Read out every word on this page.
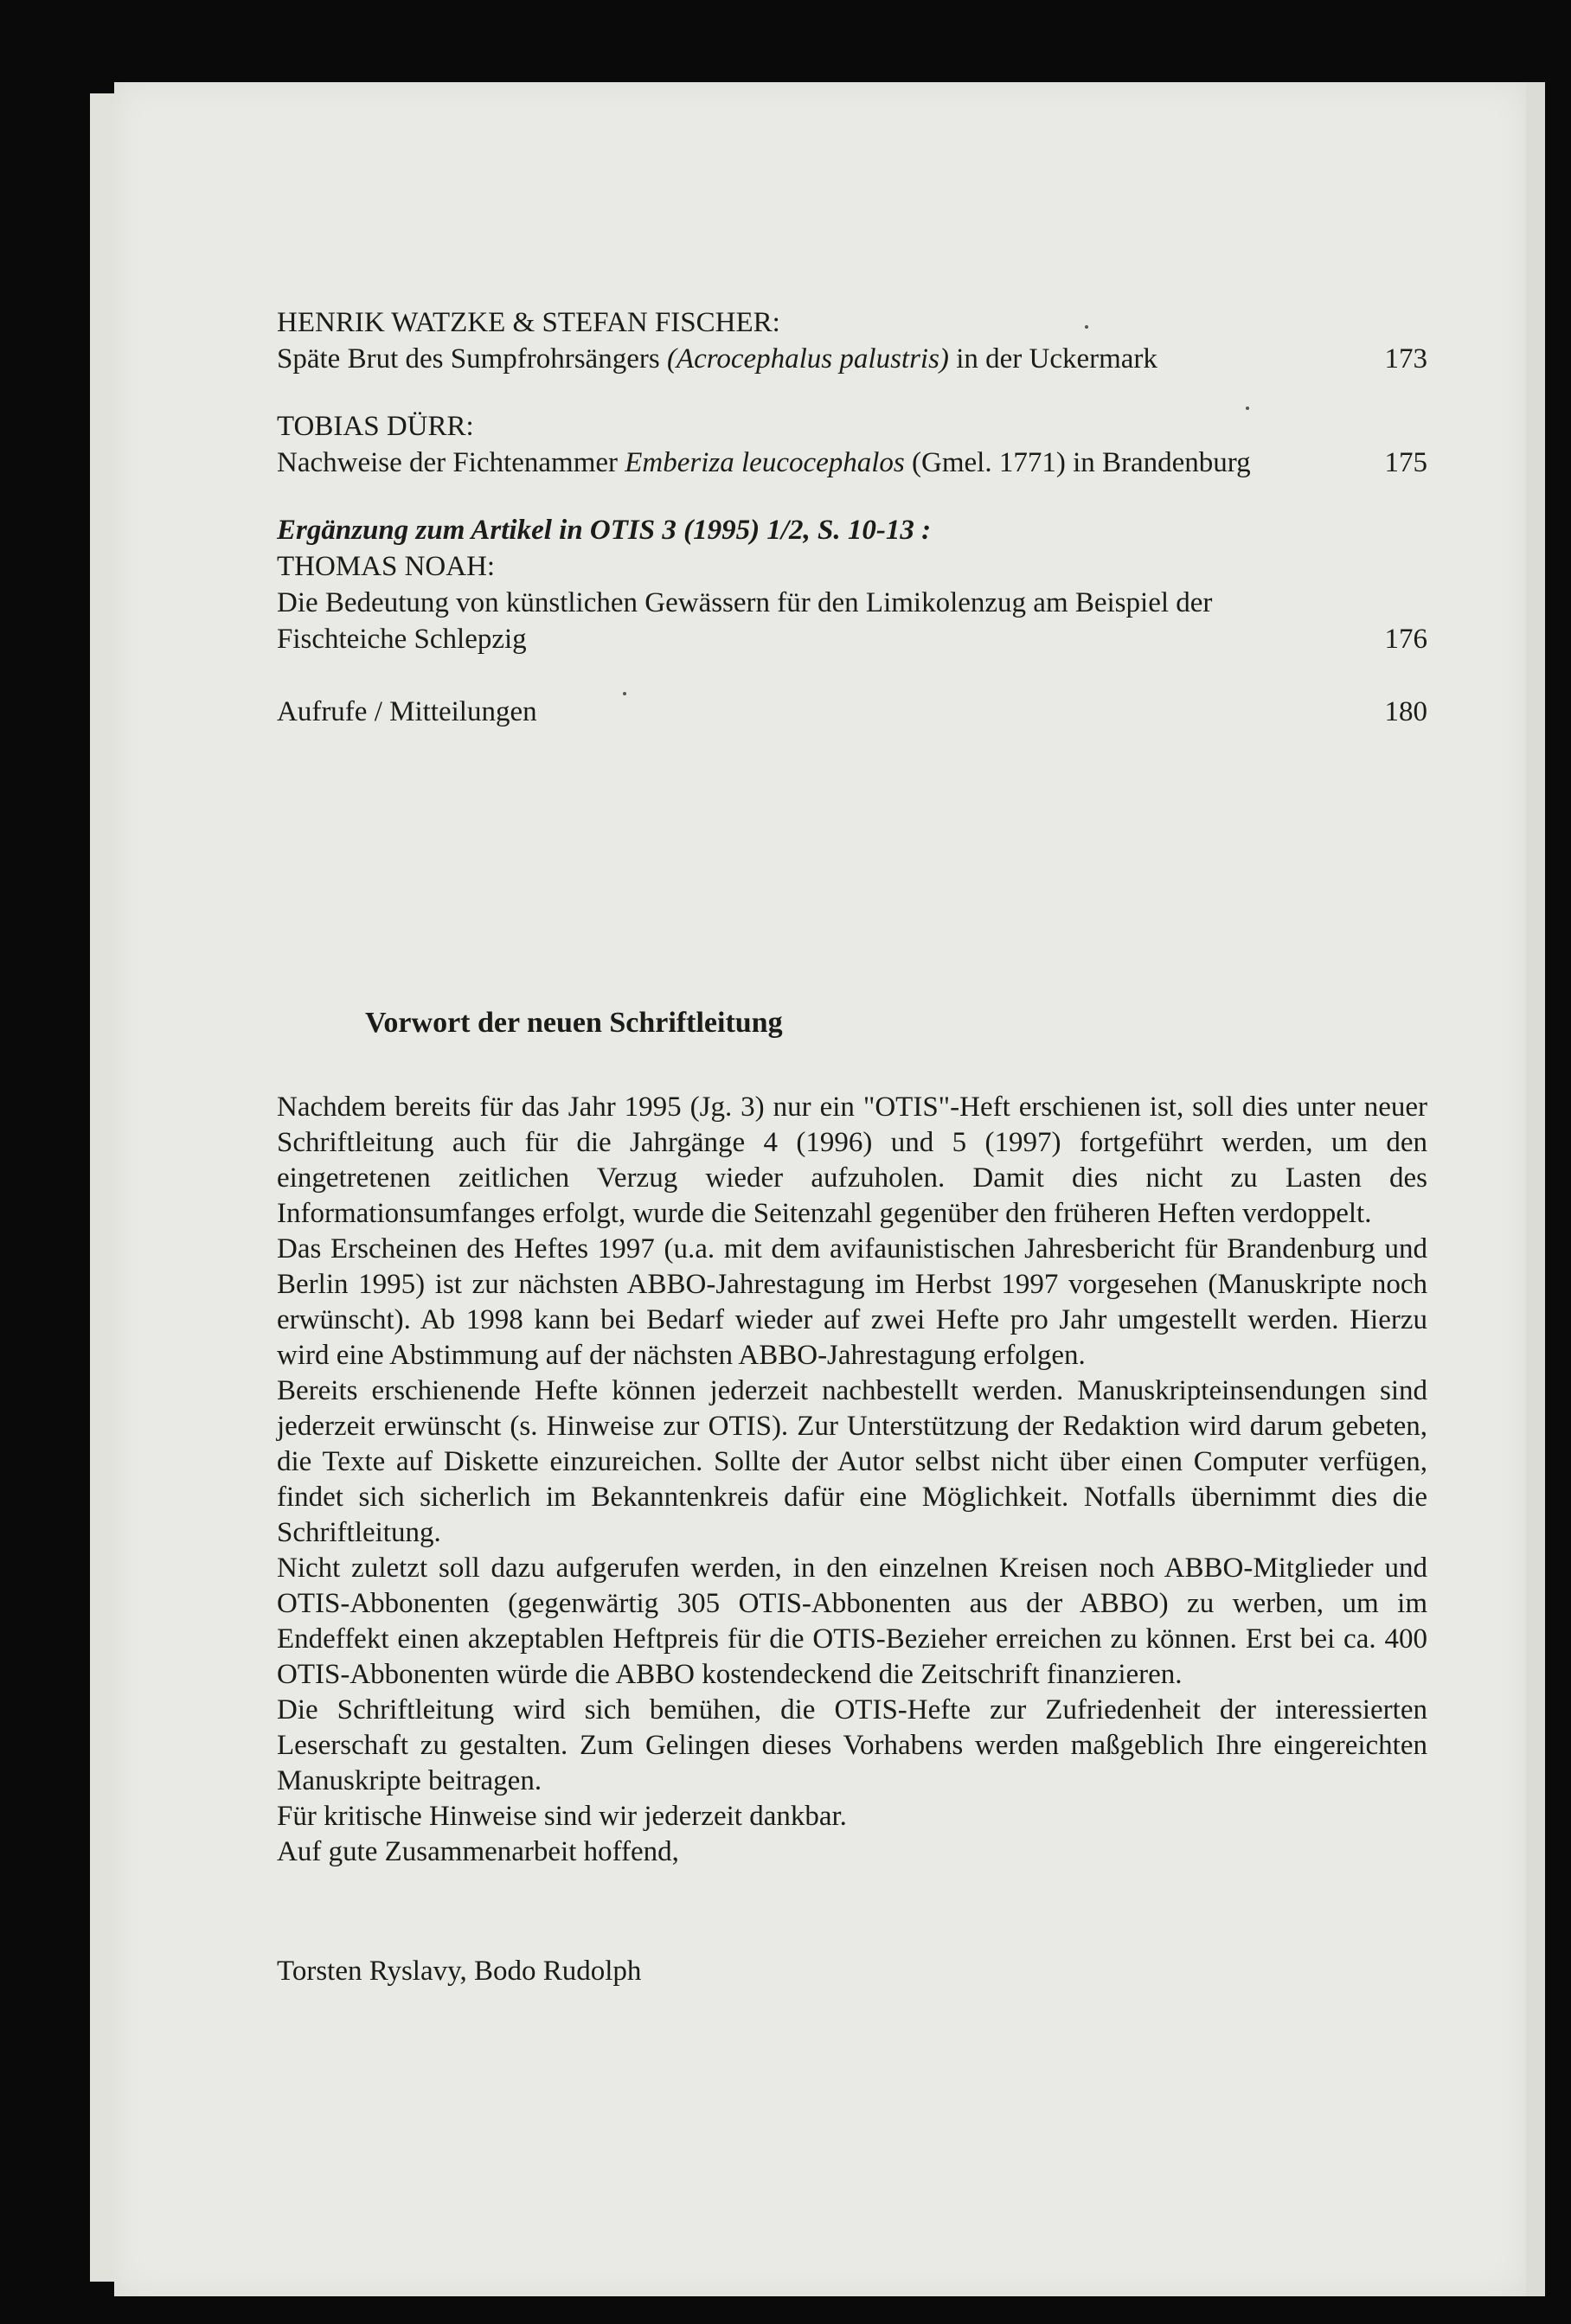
HENRIK WATZKE & STEFAN FISCHER:
Späte Brut des Sumpfrohrsängers (Acrocephalus palustris) in der Uckermark	173
TOBIAS DÜRR:
Nachweise der Fichtenammer Emberiza leucocephalos (Gmel. 1771) in Brandenburg	175
Ergänzung zum Artikel in OTIS 3 (1995) 1/2, S. 10-13 :
THOMAS NOAH:
Die Bedeutung von künstlichen Gewässern für den Limikolenzug am Beispiel der
Fischteiche Schlepzig	176
Aufrufe / Mitteilungen	180
Vorwort der neuen Schriftleitung

Nachdem bereits für das Jahr 1995 (Jg. 3) nur ein "OTIS"-Heft erschienen ist, soll dies unter neuer Schriftleitung auch für die Jahrgänge 4 (1996) und 5 (1997) fortgeführt werden, um den eingetretenen zeitlichen Verzug wieder aufzuholen. Damit dies nicht zu Lasten des Informationsumfanges erfolgt, wurde die Seitenzahl gegenüber den früheren Heften verdoppelt.

Das Erscheinen des Heftes 1997 (u.a. mit dem avifaunistischen Jahresbericht für Brandenburg und Berlin 1995) ist zur nächsten ABBO-Jahrestagung im Herbst 1997 vorgesehen (Manuskripte noch erwünscht). Ab 1998 kann bei Bedarf wieder auf zwei Hefte pro Jahr umgestellt werden. Hierzu wird eine Abstimmung auf der nächsten ABBO-Jahrestagung erfolgen.

Bereits erschienende Hefte können jederzeit nachbestellt werden. Manuskripteinsendungen sind jederzeit erwünscht (s. Hinweise zur OTIS). Zur Unterstützung der Redaktion wird darum gebeten, die Texte auf Diskette einzureichen. Sollte der Autor selbst nicht über einen Computer verfügen, findet sich sicherlich im Bekanntenkreis dafür eine Möglichkeit. Notfalls übernimmt dies die Schriftleitung.

Nicht zuletzt soll dazu aufgerufen werden, in den einzelnen Kreisen noch ABBO-Mitglieder und OTIS-Abbonenten (gegenwärtig 305 OTIS-Abbonenten aus der ABBO) zu werben, um im Endeffekt einen akzeptablen Heftpreis für die OTIS-Bezieher erreichen zu können. Erst bei ca. 400 OTIS-Abbonenten würde die ABBO kostendeckend die Zeitschrift finanzieren.

Die Schriftleitung wird sich bemühen, die OTIS-Hefte zur Zufriedenheit der interessierten Leserschaft zu gestalten. Zum Gelingen dieses Vorhabens werden maßgeblich Ihre eingereichten Manuskripte beitragen.

Für kritische Hinweise sind wir jederzeit dankbar.

Auf gute Zusammenarbeit hoffend,

Torsten Ryslavy, Bodo Rudolph
